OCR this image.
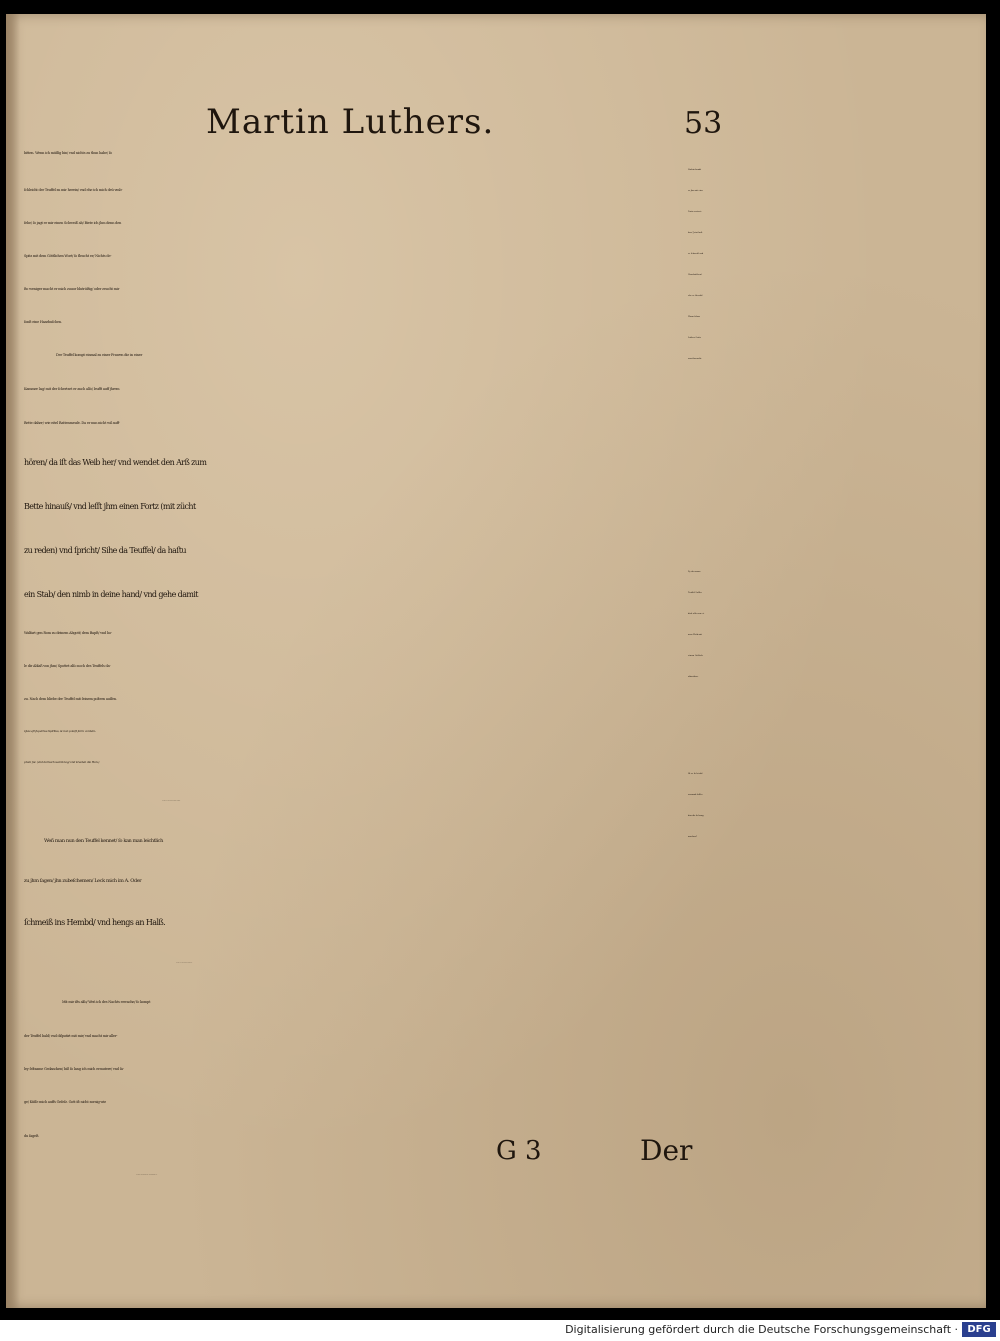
Martin Luthers.	53
bitten. Wenn ich müſſig bin/ vnd nichts zu thun habe/ ſo
ſchleicht der Teuffel zu mir herein/ vnd ehe ich mich deũ vmb-
ſehe/ ſo jagt er mir einen Schweiß ab/ Biete ich jhm denn den
Spitz mit dem Göttlichen Wort/ ſo fleucht er/ Nichts de-
ſto weniger macht er mich zuuor blutrüſtig/ oder zeucht mir
ſonſt eine Haarhuſchen.
Der Teuffel kompt einmal zu einer Frawen die in einer
Kammer lag/ mit der ſchertzet er auch alſo/ leufft auff jhrem
Bette daher/ wie eitel Rattenmeuſe. Da er nun nicht wil auff-
hören/ da iſt das Weib her/ vnd wendet den Arß zum
Bette hinauß/ vnd leſſt jhm einen Fortz (mit zücht
zu reden) vnd ſpricht/ Sihe da Teuffel/ da haſtu
ein Stab/ den nimb in deine hand/ vnd gehe damit
Walfart gen Rom zu deinem Abgott/ dem Bapſt/ vnd ho-
le dir Ablaß von jhm/ Spottet alſo noch des Teuffels da-
zu. Nach dem bliebe der Teuffel mit ſeinem poltern auſſen.
Quia eſt ſuperbus Spiritus, & non poteſt ferre contem-
ptum ſui. (vnd darnach wards tag/ vnd kreeten die Han.)
Fol.207.b. Des Teuffels groß gewalt.
Weñ man nun den Teuffel kennet/ ſo kan man leichtlich
zu jhm ſagen/ jhn zubeſchemen/ Leck mich im A. Oder
ſchmeiß ins Hembd/ vnd hengs an Halß.
Fol.214.b. Des Teuffels Kunſt ꝛc.
Mit mir iſts alſo/ Weñ ich des Nachts erwache/ ſo kompt
der Teuffel bald/ vnd diſputirt mit mir/ vnd macht mir aller-
ley ſeltzame Gedancken/ biß ſo lang ich mich ermutere/ vnd ſa-
ge/ Küſſe mich auffs Geſeſz. Gott iſt nicht zornig wie
du ſageſt.
Fol.216. Ein anders von Anfechtungen. ꝛc.
Vorhin kondt
er jhn mit eine
Furtz vertrei-
ben/ Jetzt koſt
es ſchweiß vnd
Haarhuſchen/
ehe er fleucht/
Wann ſchon
Luther Gotts
wort braucht.
Ey du armer
Teuffel/ laſſtu
dich alſo von ei-
nem Weib mit
einem Geſtäck
abtreiben.
Iſt es ſo leicht/
warumb laſſtu
dañ dir ſo bang
machen?
G 3	Der
Digitalisierung gefördert durch die Deutsche Forschungsgemeinschaft · DFG
